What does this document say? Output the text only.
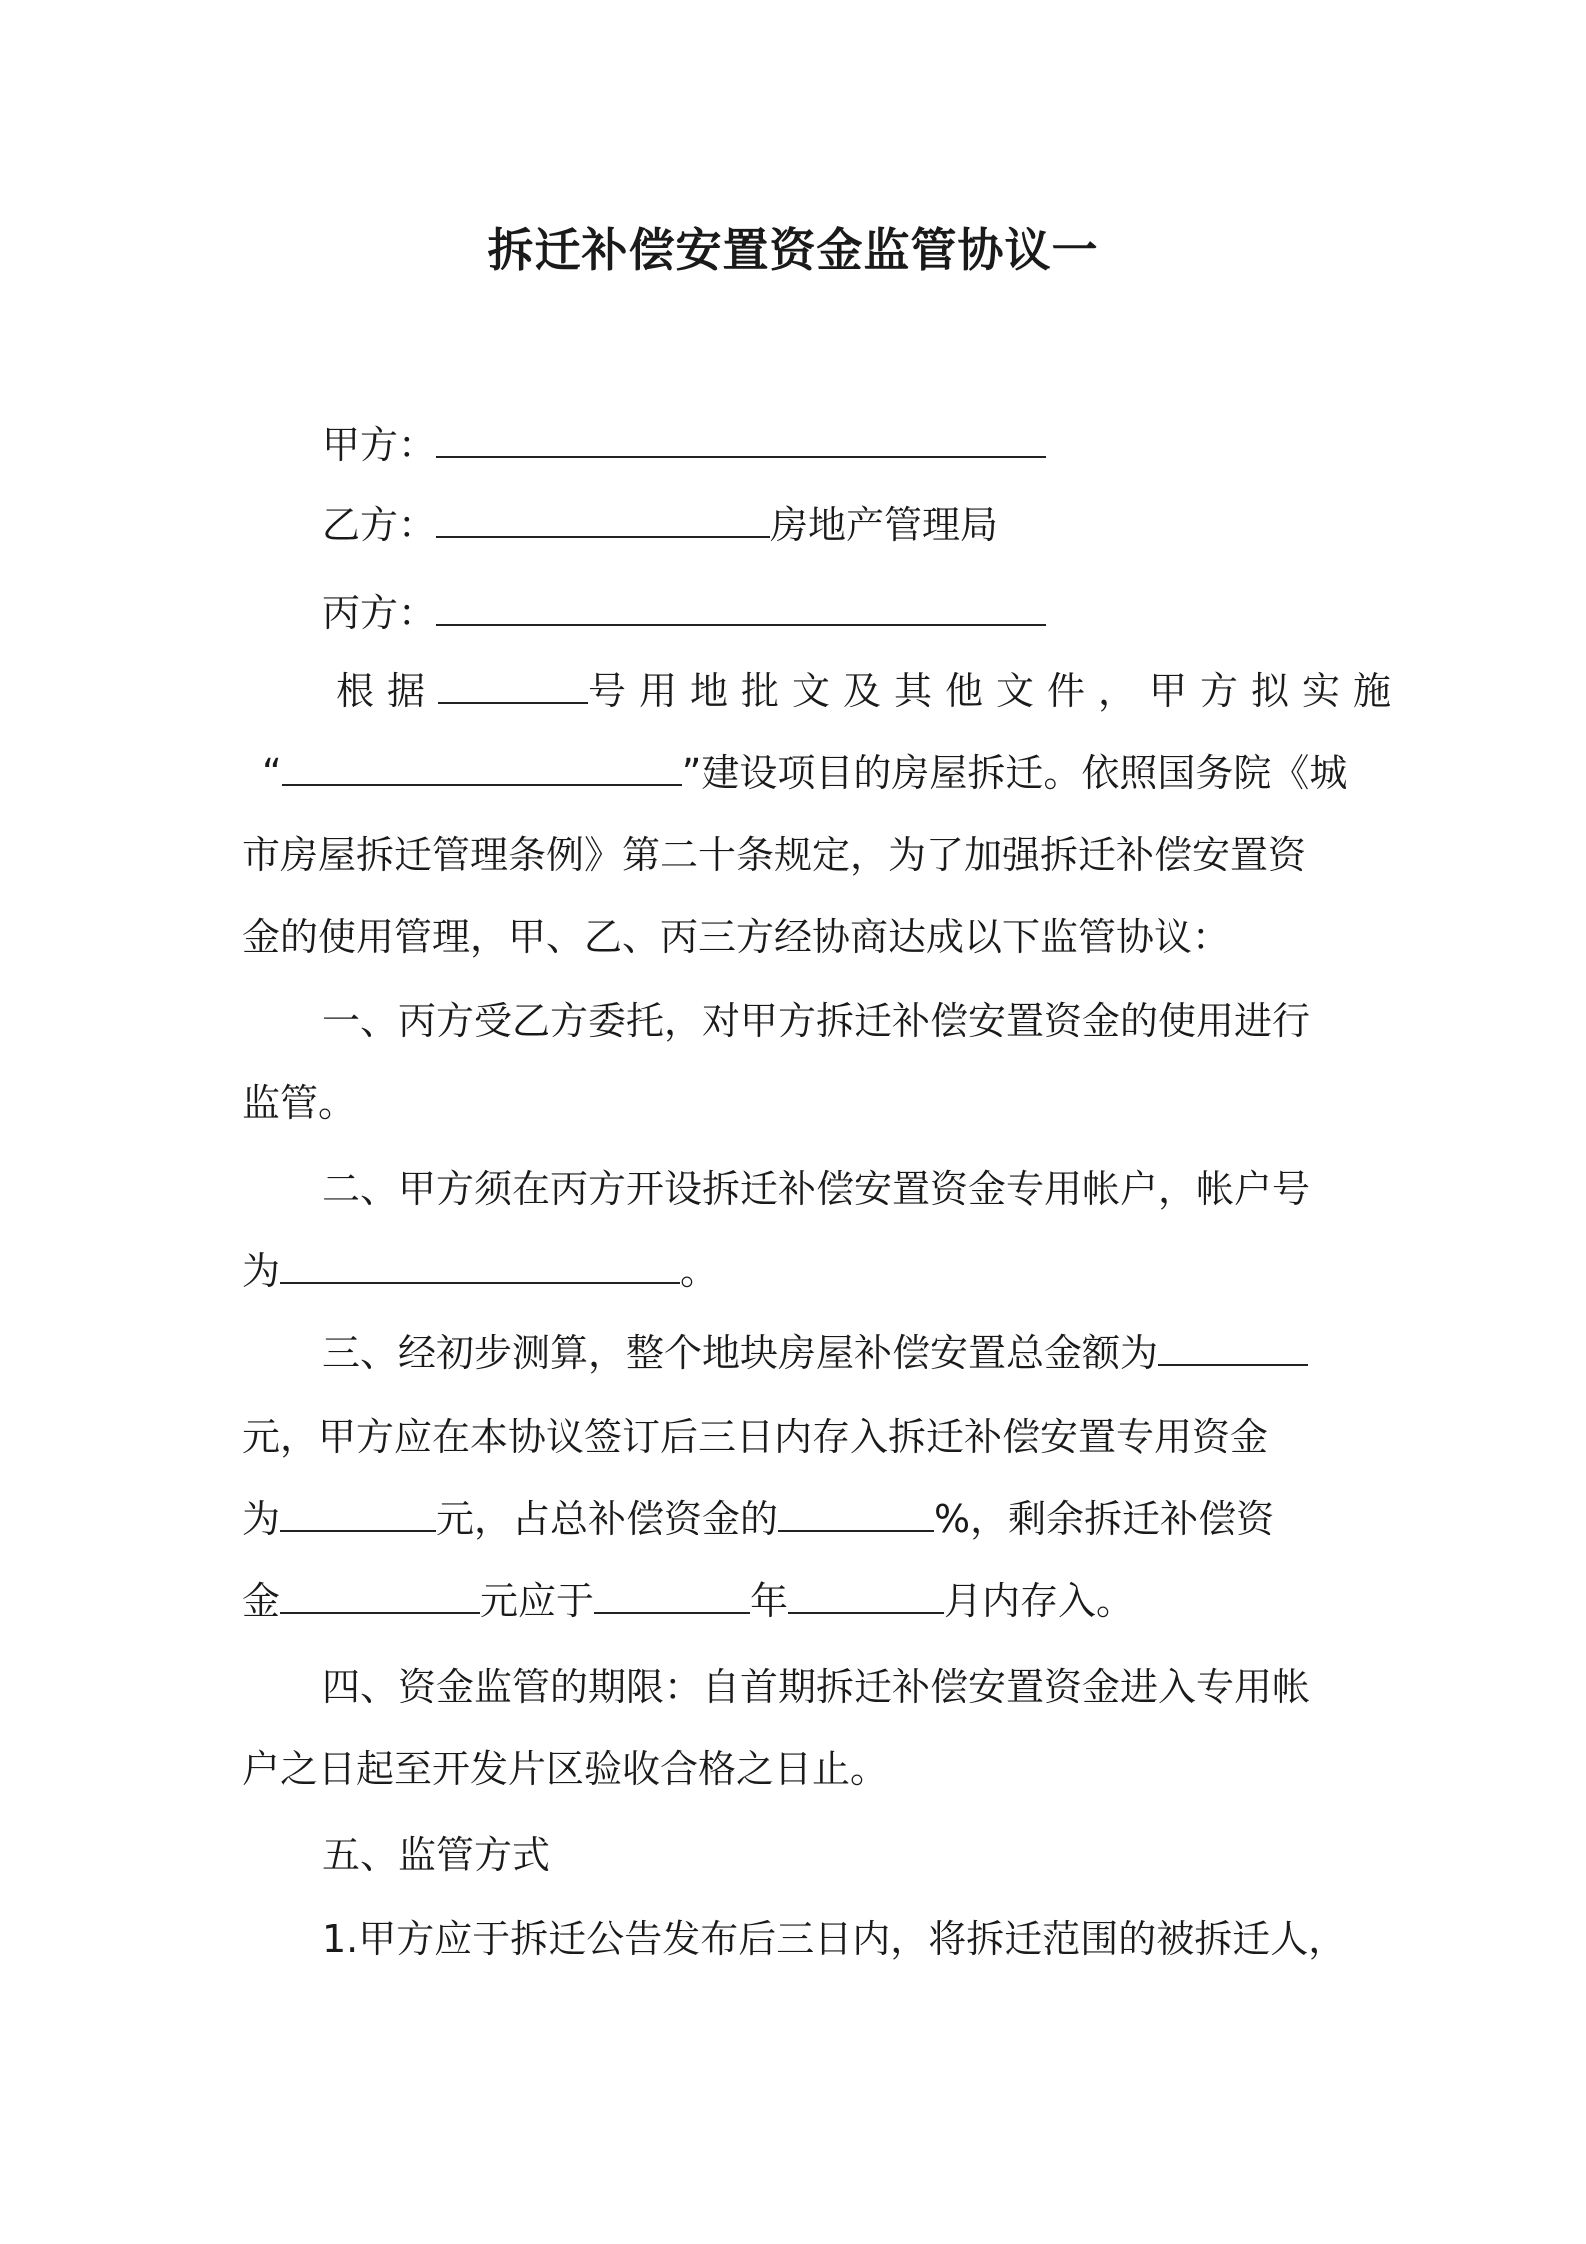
拆迁补偿安置资金监管协议一
甲方：
乙方：	房地产管理局
丙方：
根据	号用地批文及其他文件，甲方拟实施
“	”建设项目的房屋拆迁。依照国务院《城
市房屋拆迁管理条例》第二十条规定，为了加强拆迁补偿安置资
金的使用管理，甲、乙、丙三方经协商达成以下监管协议：
一、丙方受乙方委托，对甲方拆迁补偿安置资金的使用进行
监管。
二、甲方须在丙方开设拆迁补偿安置资金专用帐户，帐户号
为	。
三、经初步测算，整个地块房屋补偿安置总金额为
元，甲方应在本协议签订后三日内存入拆迁补偿安置专用资金
为	元，占总补偿资金的	%，剩余拆迁补偿资
金	元应于	年	月内存入。
四、资金监管的期限：自首期拆迁补偿安置资金进入专用帐
户之日起至开发片区验收合格之日止。
五、监管方式
1.甲方应于拆迁公告发布后三日内，将拆迁范围的被拆迁人，
